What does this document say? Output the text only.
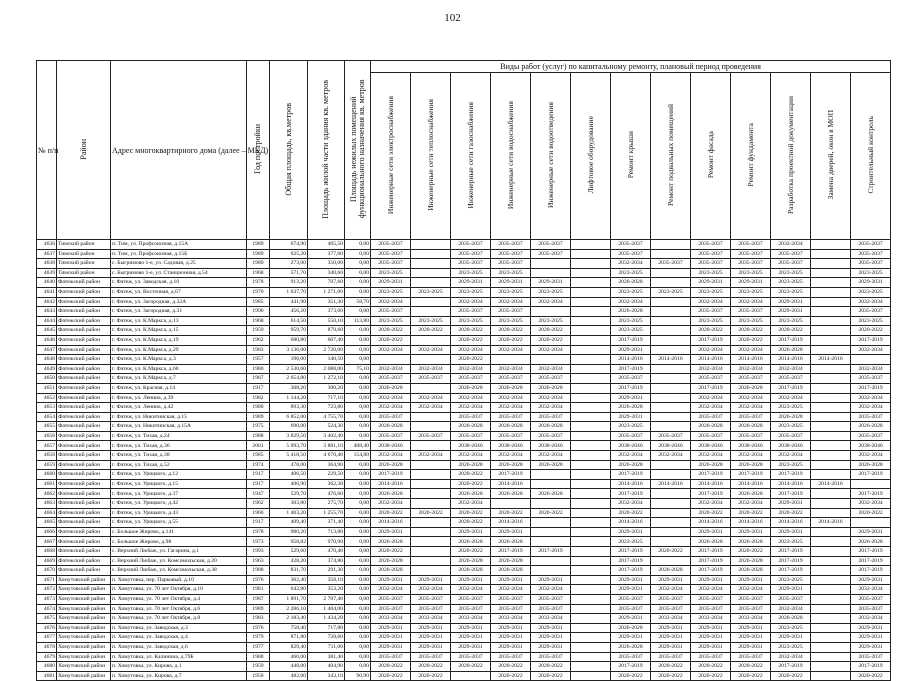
102
№ п/п	Район	Адрес многоквартирного дома (далее – МКД)	Год постройки	Общая площадь, кв.метров	Площадь жилой части здания кв. метров	Площадь нежилых помещений функционального назначения кв. метров	Виды работ (услуг) по капитальному ремонту, плановый период проведения												
							Инженерные сети электроснабжения	Инженерные сети теплоснабжения	Инженерные сети газоснабжения	Инженерные сети водоснабжения	Инженерные сети водоотведения	Лифтовое оборудование	Ремонт крыши	Ремонт подвальных помещений	Ремонт фасада	Ремонт фундамента	Разработка проектной документации	Замена дверей, окон в МОП	Строительный контроль
4636	Тимский район	п. Тим, ул. Профсоюзная, д.15А	1989	674,90	405,50	0,00	2035-2037		2035-2037	2035-2037	2035-2037		2035-2037		2035-2037	2035-2037	2032-2034		2035-2037
4637	Тимский район	п. Тим, ул. Профсоюзная, д.15Б	1989	625,20	377,60	0,00	2035-2037		2035-2037	2035-2037	2035-2037		2035-2037		2035-2037	2035-2037	2035-2037		2035-2037
4638	Тимский район	с. Быгримово 1-е, ул. Садовая, д.25	1989	273,00	350,00	0,00	2035-2037		2035-2037	2035-2037			2032-2034	2035-2037	2035-2037	2035-2037	2035-2037		2035-2037
4639	Тимский район	с. Быгримово 1-е, ул. Станционная, д.54	1968	571,70	340,60	0,00	2023-2025		2023-2025	2023-2025			2023-2025		2023-2025	2023-2025	2023-2025		2023-2025
4640	Фатежский район	г. Фатеж, ул. Заводская, д.10	1978	913,20	707,60	0,00	2029-2031		2029-2031	2029-2031	2029-2031		2026-2028		2029-2031	2029-2031	2023-2025		2029-2031
4641	Фатежский район	г. Фатеж, ул. Восточная, д.67	1970	1 637,70	1 271,00	0,00	2023-2025	2023-2025	2023-2025	2023-2025	2023-2025		2023-2025	2023-2025	2023-2025	2023-2025	2023-2025		2023-2025
4642	Фатежский район	г. Фатеж, ул. Загородная, д.32А	1985	441,90	351,30	58,70	2032-2034		2032-2034	2032-2034	2032-2034		2032-2034		2032-2034	2032-2034	2029-2031		2032-2034
4643	Фатежский район	г. Фатеж, ул. Загородная, д.31	1990	456,20	373,60	0,00	2035-2037		2035-2037	2035-2037			2026-2028		2035-2037	2035-2037	2029-2031		2035-2037
4644	Фатежский район	г. Фатеж, ул. К.Маркса, д.13	1968	614,50	550,10	113,80	2023-2025	2023-2025	2023-2025	2023-2025	2023-2025		2023-2025		2023-2025	2023-2025	2023-2025		2023-2025
4645	Фатежский район	г. Фатеж, ул. К.Маркса, д.15	1959	959,70	879,60	0,00	2020-2022	2020-2022	2020-2022	2020-2022	2020-2022		2023-2025		2020-2022	2020-2022	2020-2022		2020-2022
4646	Фатежский район	г. Фатеж, ул. К.Маркса, д.19	1962	680,80	607,40	0,00	2020-2022		2020-2022	2020-2022	2020-2022		2017-2019		2017-2019	2020-2022	2017-2019		2017-2019
4647	Фатежский район	г. Фатеж, ул. К.Маркса, д.29	1983	3 136,00	2 720,00	0,00	2032-2034	2032-2034	2032-2034	2032-2034	2032-2034		2029-2031		2032-2034	2032-2034	2026-2028		2032-2034
4648	Фатежский район	г. Фатеж, ул. К.Маркса, д.3	1957	196,00	140,50	0,00			2020-2022				2014-2016	2014-2016	2014-2016	2014-2016	2014-2016	2014-2016	
4649	Фатежский район	г. Фатеж, ул. К.Маркса, д.60	1980	2 530,60	2 088,00	75,10	2032-2034	2032-2034	2032-2034	2032-2034	2032-2034		2017-2019		2032-2034	2032-2034	2032-2034		2032-2034
4650	Фатежский район	г. Фатеж, ул. К.Маркса, д.7	1967	2 654,80	1 272,10	0,00	2035-2037	2035-2037	2035-2037	2035-2037	2035-2037		2035-2037		2035-2037	2035-2037	2035-2037		2035-2037
4651	Фатежский район	г. Фатеж, ул. Красная, д.14	1917	308,20	300,20	0,00	2026-2028		2026-2028	2026-2028	2026-2028		2017-2019		2017-2019	2026-2028	2017-2019		2017-2019
4652	Фатежский район	г. Фатеж, ул. Ленина, д.39	1982	1 144,20	717,10	0,00	2032-2034	2032-2034	2032-2034	2032-2034	2032-2034		2029-2031		2032-2034	2032-2034	2032-2034		2032-2034
4653	Фатежский район	г. Фатеж, ул. Ленина, д.42	1980	893,30	723,80	0,00	2032-2034	2032-2034	2032-2034	2032-2034	2032-2034		2026-2028		2032-2034	2032-2034	2023-2025		2032-2034
4654	Фатежский район	г. Фатеж, ул. Никитинская, д.15	1989	6 852,00	4 755,70	0,00	2035-2037		2035-2037	2035-2037	2035-2037		2029-2031		2035-2037	2035-2037	2026-2028		2035-2037
4655	Фатежский район	г. Фатеж, ул. Никитинская, д.15А	1975	690,00	524,30	0,00	2026-2028		2026-2028	2026-2028	2026-2028		2023-2025		2026-2028	2026-2028	2023-2025		2026-2028
4656	Фатежский район	г. Фатеж, ул. Тихая, д.24	1988	3 829,50	3 402,40	0,00	2035-2037	2035-2037	2035-2037	2035-2037	2035-2037		2035-2037	2035-2037	2035-2037	2035-2037	2035-2037		2035-2037
4657	Фатежский район	г. Фатеж, ул. Тихая, д.36	2001	5 093,70	3 881,10	408,40	2038-2040		2038-2040	2038-2040	2038-2040		2038-2040	2038-2040	2038-2040	2038-2040	2038-2040		2038-2040
4658	Фатежский район	г. Фатеж, ул. Тихая, д.38	1985	5 418,50	4 670,40	154,80	2032-2034	2032-2034	2032-2034	2032-2034	2032-2034		2032-2034	2032-2034	2032-2034	2032-2034	2032-2034		2032-2034
4659	Фатежский район	г. Фатеж, ул. Тихая, д.52	1974	478,00	364,90	0,00	2026-2028		2026-2028	2026-2028	2026-2028		2026-2028		2026-2028	2026-2028	2023-2025		2026-2028
4660	Фатежский район	г. Фатеж, ул. Урицкого, д.12	1917	406,50	229,50	0,00	2017-2019		2020-2022	2017-2019			2017-2019		2017-2019	2017-2019	2017-2019		2017-2019
4661	Фатежский район	г. Фатеж, ул. Урицкого, д.15	1917	406,90	362,30	0,00	2014-2016		2020-2022	2014-2016			2014-2016	2014-2016	2014-2016	2014-2016	2014-2016	2014-2016	
4662	Фатежский район	г. Фатеж, ул. Урицкого, д.37	1947	529,70	476,60	0,00	2026-2028		2026-2028	2026-2028	2026-2028		2017-2019		2017-2019	2026-2028	2017-2019		2017-2019
4663	Фатежский район	г. Фатеж, ул. Урицкого, д.42	1962	303,80	275,70	0,00	2032-2034		2032-2034				2032-2034		2032-2034	2032-2034	2029-2031		2032-2034
4664	Фатежский район	г. Фатеж, ул. Урицкого, д.43	1966	1 403,20	1 255,70	0,00	2020-2022	2020-2022	2020-2022	2020-2022	2020-2022		2020-2022		2020-2022	2020-2022	2020-2022		2020-2022
4665	Фатежский район	г. Фатеж, ул. Урицкого, д.55	1917	409,40	371,40	0,00	2014-2016		2020-2022	2014-2016			2014-2016		2014-2016	2014-2016	2014-2016	2014-2016	
4666	Фатежский район	с. Большое Жирово, д.141	1978	980,20	713,80	0,00	2029-2031		2029-2031	2029-2031			2029-2031		2029-2031	2029-2031	2029-2031		2029-2031
4667	Фатежский район	с. Большое Жирово, д.98	1973	958,82	970,90	0,00	2026-2028		2026-2028	2026-2028			2023-2025		2026-2028	2026-2028	2023-2025		2026-2028
4668	Фатежский район	с. Верхний Любаж, ул. Гагарина, д.1	1993	529,60	470,40	0,00	2020-2022		2020-2022	2017-2019	2017-2019		2017-2019	2020-2022	2017-2019	2020-2022	2017-2019		2017-2019
4669	Фатежский район	с. Верхний Любаж, ул. Комсомольская, д.20	1963	428,20	374,80	0,00	2026-2028		2026-2028	2026-2028			2017-2019		2017-2019	2026-2028	2017-2019		2017-2019
4670	Фатежский район	с. Верхний Любаж, ул. Комсомольская, д.38	1988	831,70	291,30	0,00	2026-2028		2026-2028	2026-2028			2017-2019	2026-2028	2017-2019	2026-2028	2017-2019		2017-2019
4671	Хомутовский район	п. Хомутовка, пер. Парковый, д.10	1976	362,40	358,10	0,00	2029-2031	2029-2031	2029-2031	2029-2031	2029-2031		2029-2031	2029-2031	2029-2031	2029-2031	2023-2025		2029-2031
4672	Хомутовский район	п. Хомутовка, ул. 70 лет Октября, д.10	1981	642,80	353,20	0,00	2032-2034	2032-2034	2032-2034	2032-2034	2032-2034		2029-2031	2032-2034	2032-2034	2032-2034	2029-2031		2032-2034
4673	Хомутовский район	п. Хомутовка, ул. 70 лет Октября, д.4	1987	1 891,70	2 707,40	0,00	2035-2037	2035-2037	2035-2037	2035-2037	2035-2037		2035-2037	2035-2037	2035-2037	2035-2037	2035-2037		2035-2037
4674	Хомутовский район	п. Хомутовка, ул. 70 лет Октября, д.6	1989	2 286,10	1 404,00	0,00	2035-2037	2035-2037	2035-2037	2035-2037	2035-2037		2035-2037	2035-2037	2035-2037	2035-2037	2032-2034		2035-2037
4675	Хомутовский район	п. Хомутовка, ул. 70 лет Октября, д.8	1983	2 183,40	1 434,20	0,00	2032-2034	2032-2034	2032-2034	2032-2034	2032-2034		2029-2031	2032-2034	2032-2034	2032-2034	2026-2028		2032-2034
4676	Хомутовский район	п. Хомутовка, ул. Заводская, д.3	1976	758,40	717,80	0,00	2029-2031	2029-2031	2029-2031	2029-2031	2029-2031		2026-2028	2029-2031	2029-2031	2029-2031	2023-2025		2029-2031
4677	Хомутовский район	п. Хомутовка, ул. Заводская, д.4	1979	871,80	728,60	0,00	2029-2031	2029-2031	2029-2031	2029-2031	2029-2031		2029-2031	2029-2031	2029-2031	2029-2031	2029-2031		2029-2031
4678	Хомутовский район	п. Хомутовка, ул. Заводская, д.6	1977	829,40	711,00	0,00	2029-2031	2029-2031	2029-2031	2029-2031	2029-2031		2026-2028	2029-2031	2029-2031	2029-2031	2023-2025		2029-2031
4679	Хомутовский район	п. Хомутовка, ул. Калинина, д.79Б	1988	460,00	381,40	0,00	2035-2037	2035-2037	2035-2037	2035-2037	2035-2037		2035-2037	2035-2037	2035-2037	2035-2037	2032-2034		2035-2037
4680	Хомутовский район	п. Хомутовка, ул. Кирова, д.1	1959	448,00	404,90	0,00	2020-2022	2020-2022	2020-2022	2020-2022	2020-2022		2017-2019	2020-2022	2020-2022	2020-2022	2017-2019		2017-2019
4681	Хомутовский район	п. Хомутовка, ул. Кирова, д.7	1958	482,00	343,10	90,90	2020-2022	2020-2022		2020-2022	2020-2022		2020-2022	2020-2022	2020-2022	2020-2022	2020-2022		2020-2022
